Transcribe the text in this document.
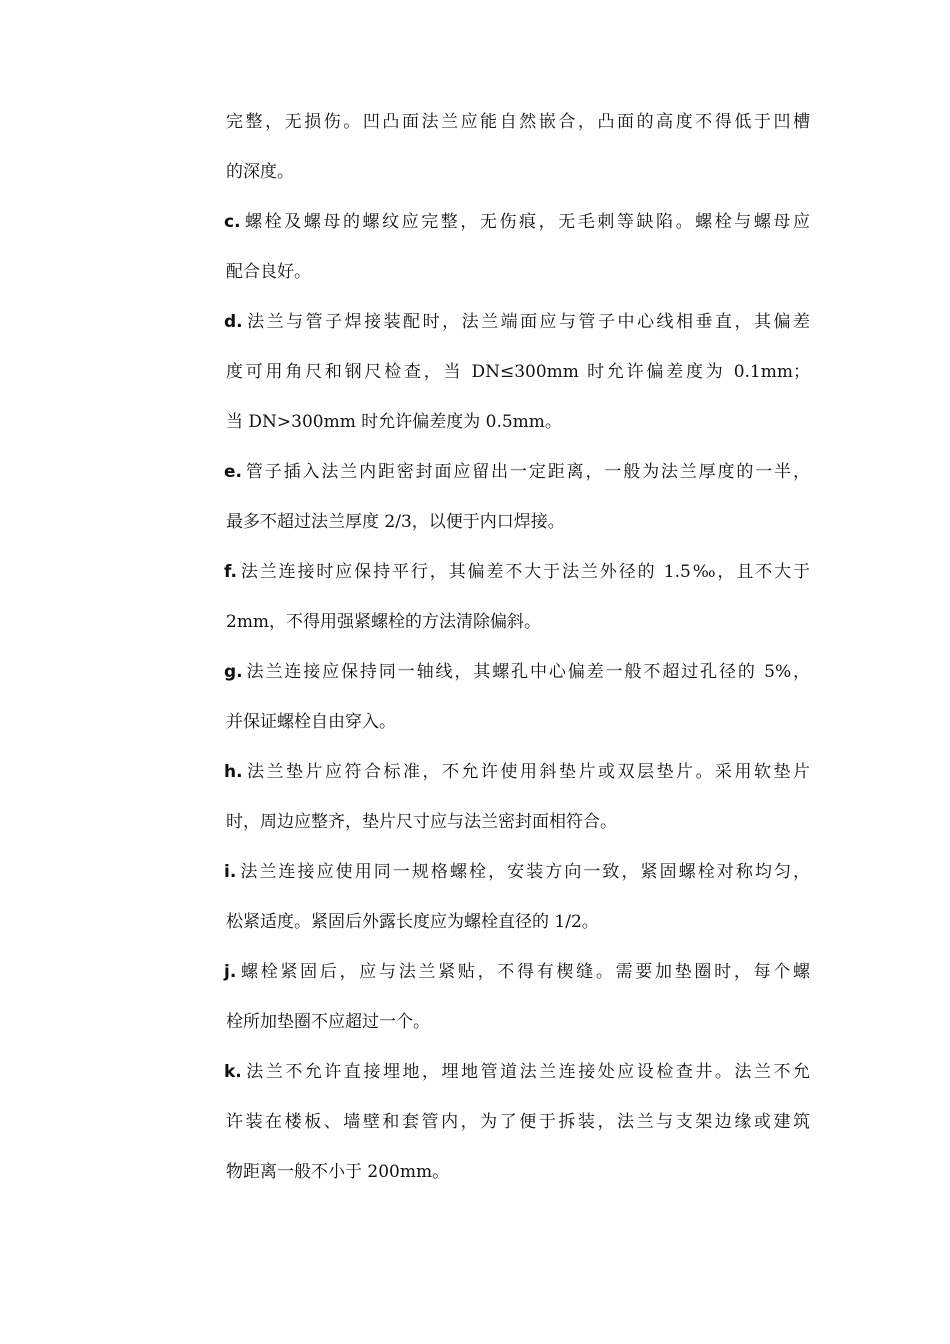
完整，无损伤。凹凸面法兰应能自然嵌合，凸面的高度不得低于凹槽
的深度。
c. 螺栓及螺母的螺纹应完整，无伤痕，无毛刺等缺陷。螺栓与螺母应
配合良好。
d. 法兰与管子焊接装配时，法兰端面应与管子中心线相垂直，其偏差
度可用角尺和钢尺检查，当 DN≤300mm 时允许偏差度为 0.1mm；
当 DN>300mm 时允许偏差度为 0.5mm。
e. 管子插入法兰内距密封面应留出一定距离，一般为法兰厚度的一半，
最多不超过法兰厚度 2/3，以便于内口焊接。
f. 法兰连接时应保持平行，其偏差不大于法兰外径的 1.5‰，且不大于
2mm，不得用强紧螺栓的方法清除偏斜。
g. 法兰连接应保持同一轴线，其螺孔中心偏差一般不超过孔径的 5%，
并保证螺栓自由穿入。
h. 法兰垫片应符合标准，不允许使用斜垫片或双层垫片。采用软垫片
时，周边应整齐，垫片尺寸应与法兰密封面相符合。
i. 法兰连接应使用同一规格螺栓，安装方向一致，紧固螺栓对称均匀，
松紧适度。紧固后外露长度应为螺栓直径的 1/2。
j. 螺栓紧固后，应与法兰紧贴，不得有楔缝。需要加垫圈时，每个螺
栓所加垫圈不应超过一个。
k. 法兰不允许直接埋地，埋地管道法兰连接处应设检查井。法兰不允
许装在楼板、墙壁和套管内，为了便于拆装，法兰与支架边缘或建筑
物距离一般不小于 200mm。
